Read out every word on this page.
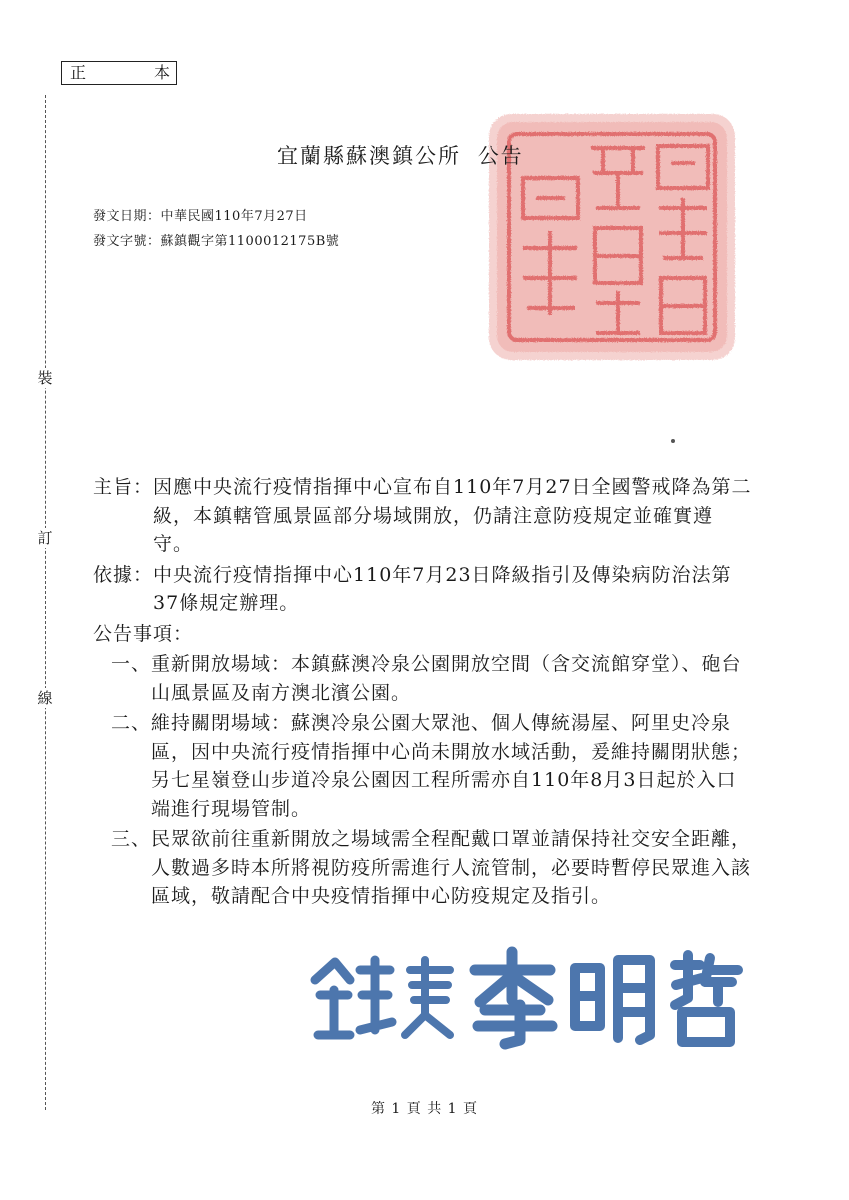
正	本
裝
訂
線
宜蘭縣蘇澳鎮公所 公告
發文日期：中華民國110年7月27日
發文字號：蘇鎮觀字第1100012175B號
主旨： 因應中央流行疫情指揮中心宣布自110年7月27日全國警戒降為第二級，本鎮轄管風景區部分場域開放，仍請注意防疫規定並確實遵守。
依據： 中央流行疫情指揮中心110年7月23日降級指引及傳染病防治法第37條規定辦理。
公告事項：
一、 重新開放場域：本鎮蘇澳冷泉公園開放空間（含交流館穿堂）、砲台山風景區及南方澳北濱公園。
二、 維持關閉場域：蘇澳冷泉公園大眾池、個人傳統湯屋、阿里史冷泉區，因中央流行疫情指揮中心尚未開放水域活動，爰維持關閉狀態；另七星嶺登山步道冷泉公園因工程所需亦自110年8月3日起於入口端進行現場管制。
三、 民眾欲前往重新開放之場域需全程配戴口罩並請保持社交安全距離，人數過多時本所將視防疫所需進行人流管制，必要時暫停民眾進入該區域，敬請配合中央疫情指揮中心防疫規定及指引。
第 1 頁 共 1 頁
